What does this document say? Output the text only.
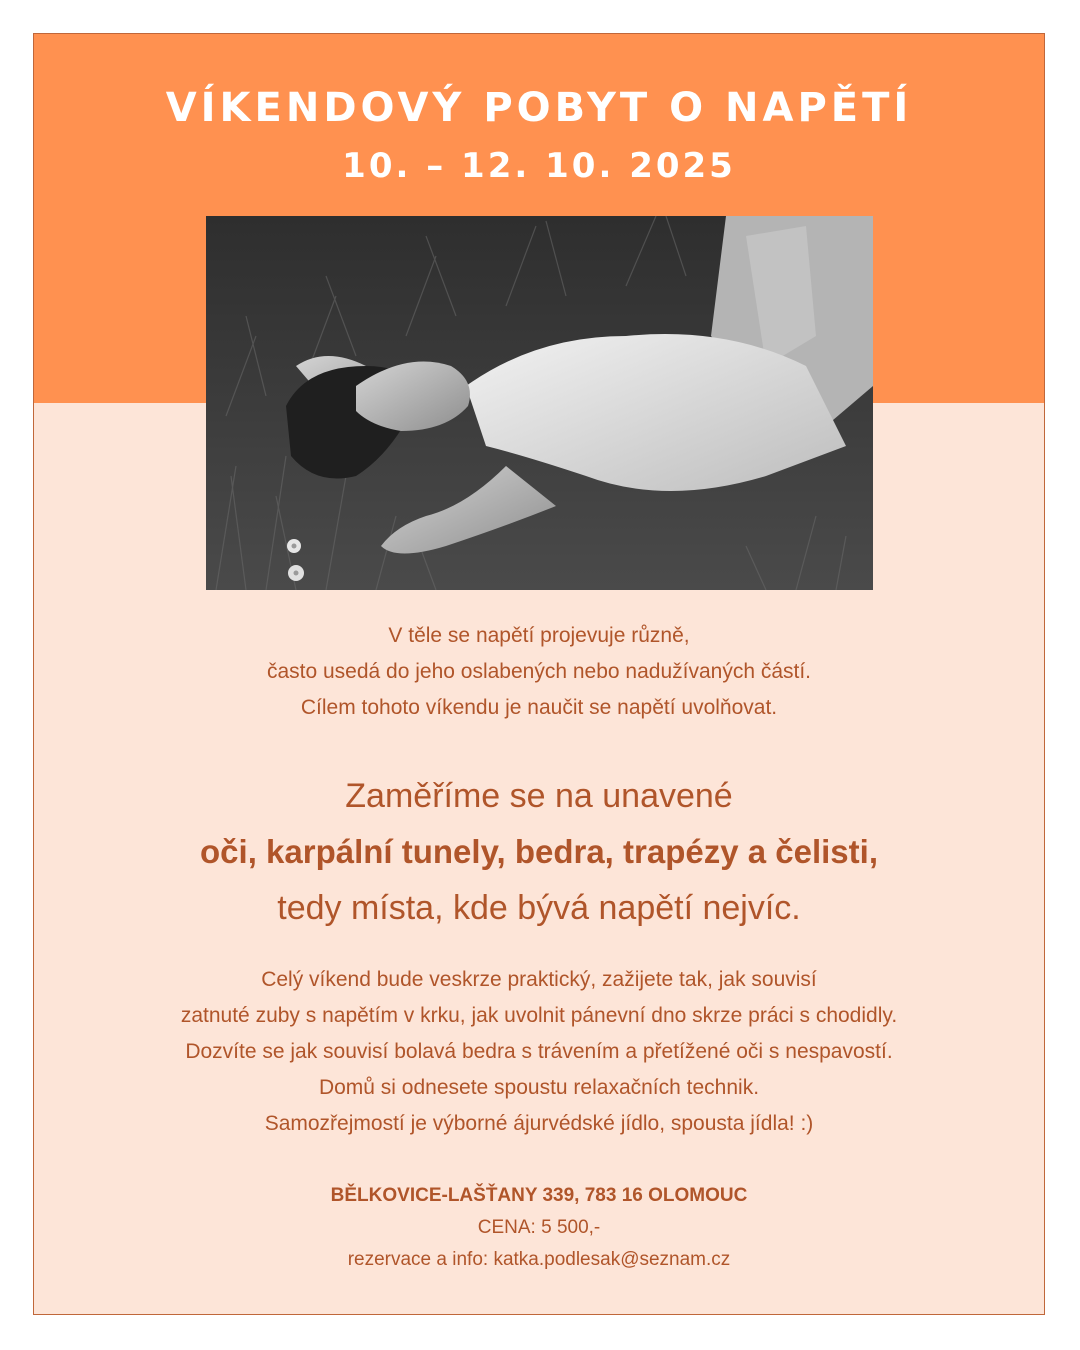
VÍKENDOVÝ POBYT O NAPĚTÍ
10. – 12. 10. 2025
V těle se napětí projevuje různě,
často usedá do jeho oslabených nebo nadužívaných částí.
Cílem tohoto víkendu je naučit se napětí uvolňovat.
Zaměříme se na unavené
oči, karpální tunely, bedra, trapézy a čelisti,
tedy místa, kde bývá napětí nejvíc.
Celý víkend bude veskrze praktický, zažijete tak, jak souvisí
zatnuté zuby s napětím v krku, jak uvolnit pánevní dno skrze práci s chodidly.
Dozvíte se jak souvisí bolavá bedra s trávením a přetížené oči s nespavostí.
Domů si odnesete spoustu relaxačních technik.
Samozřejmostí je výborné ájurvédské jídlo, spousta jídla! :)
BĚLKOVICE-LAŠŤANY 339, 783 16 OLOMOUC
CENA: 5 500,-
rezervace a info: katka.podlesak@seznam.cz
